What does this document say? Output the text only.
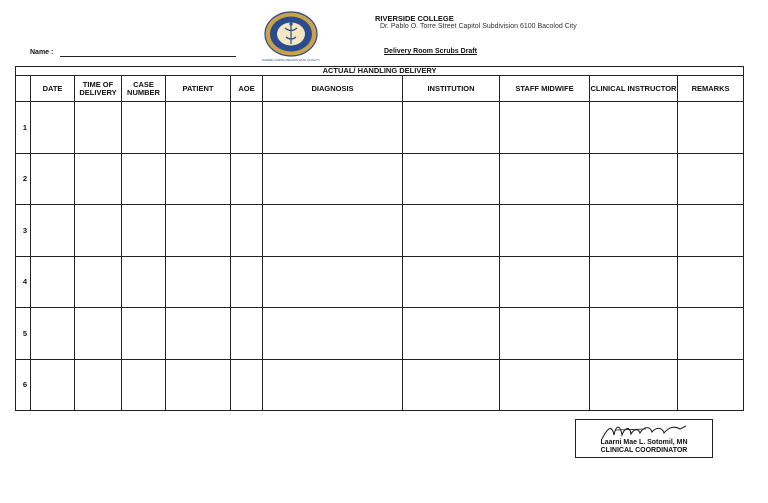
WHERE CARING BEGINS WITH QUALITY
RIVERSIDE COLLEGE
Dr. Pablo O. Torre Street Capitol Subdivision 6100 Bacolod City
Delivery Room Scrubs Draft
Name :
ACTUAL/ HANDLING DELIVERY										
	DATE	TIME OF DELIVERY	CASE NUMBER	PATIENT	AOE	DIAGNOSIS	INSTITUTION	STAFF MIDWIFE	CLINICAL INSTRUCTOR	REMARKS
1										
2										
3										
4										
5										
6										
Laarni Mae L. Sotomil, MN
CLINICAL COORDINATOR
